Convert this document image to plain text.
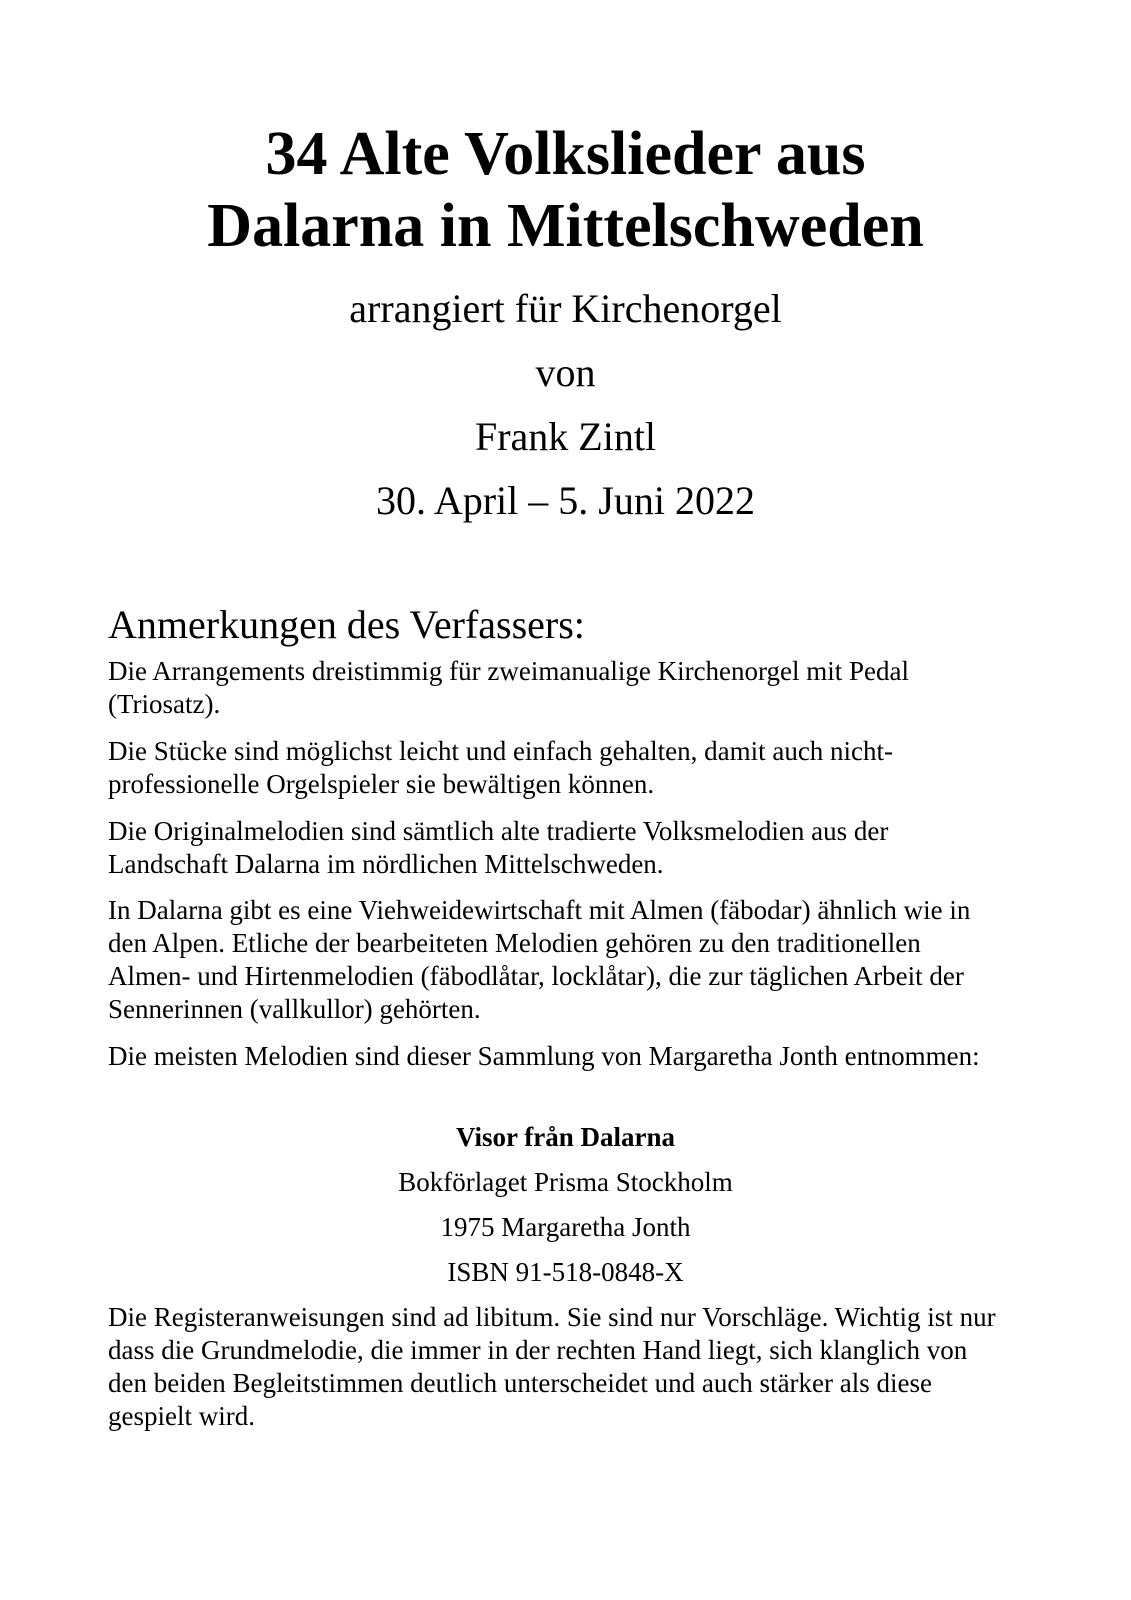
34 Alte Volkslieder aus
Dalarna in Mittelschweden

arrangiert für Kirchenorgel

von

Frank Zintl

30. April – 5. Juni 2022

Anmerkungen des Verfassers:

Die Arrangements dreistimmig für zweimanualige Kirchenorgel mit Pedal (Triosatz).

Die Stücke sind möglichst leicht und einfach gehalten, damit auch nicht-professionelle Orgelspieler sie bewältigen können.

Die Originalmelodien sind sämtlich alte tradierte Volksmelodien aus der Landschaft Dalarna im nördlichen Mittelschweden.

In Dalarna gibt es eine Viehweidewirtschaft mit Almen (fäbodar) ähnlich wie in den Alpen. Etliche der bearbeiteten Melodien gehören zu den traditionellen Almen- und Hirtenmelodien (fäbodlåtar, locklåtar), die zur täglichen Arbeit der Sennerinnen (vallkullor) gehörten.

Die meisten Melodien sind dieser Sammlung von Margaretha Jonth entnommen:

Visor från Dalarna

Bokförlaget Prisma Stockholm

1975 Margaretha Jonth

ISBN 91-518-0848-X

Die Registeranweisungen sind ad libitum. Sie sind nur Vorschläge. Wichtig ist nur dass die Grundmelodie, die immer in der rechten Hand liegt, sich klanglich von den beiden Begleitstimmen deutlich unterscheidet und auch stärker als diese gespielt wird.
